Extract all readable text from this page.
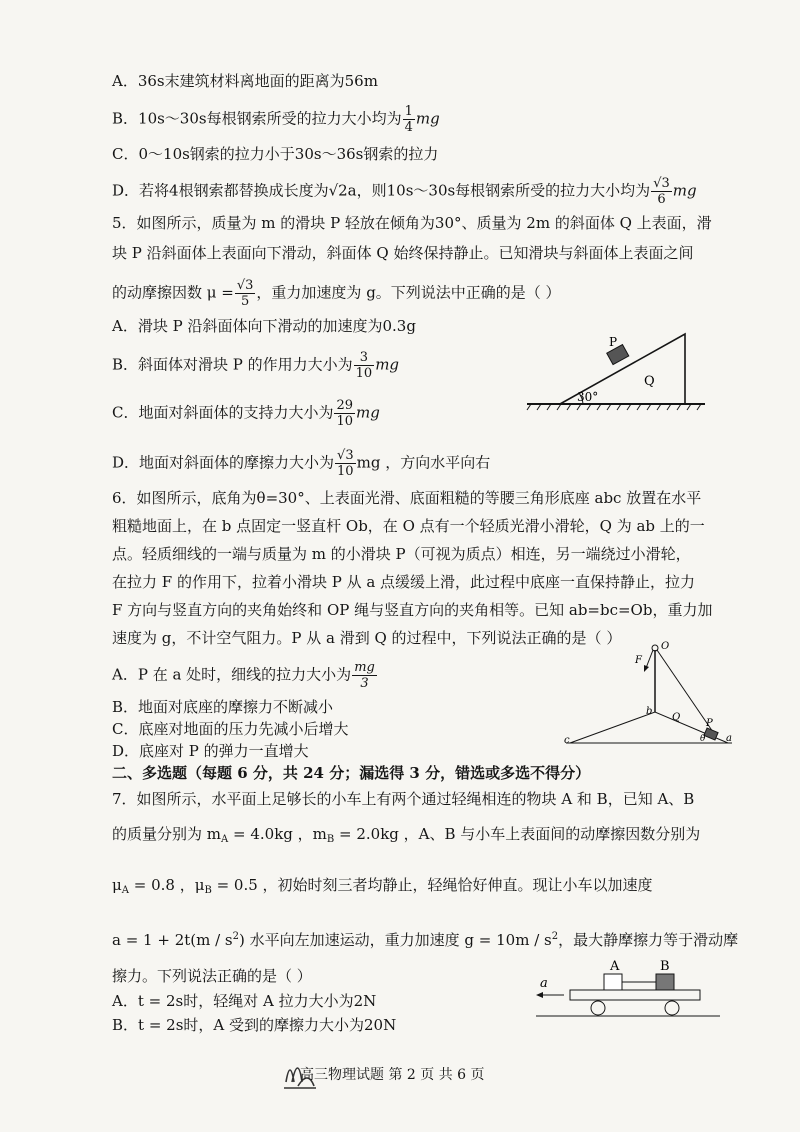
A．36s末建筑材料离地面的距离为56m
B．10s～30s每根钢索所受的拉力大小均为 $\frac{1}{4}$ mg
C．0～10s钢索的拉力小于30s～36s钢索的拉力
D．若将4根钢索都替换成长度为√2a，则10s～30s每根钢索所受的拉力大小均为 $\frac{√3}{6}$ mg
5．如图所示，质量为 m 的滑块 P 轻放在倾角为30°、质量为 2m 的斜面体 Q 上表面，滑
块 P 沿斜面体上表面向下滑动，斜面体 Q 始终保持静止。已知滑块与斜面体上表面之间
的动摩擦因数 $\mu = \frac{√3}{5}$ ，重力加速度为 g。下列说法中正确的是（ ）
A．滑块 P 沿斜面体向下滑动的加速度为0.3g
B．斜面体对滑块 P 的作用力大小为 $\frac{3}{10}$ mg
C．地面对斜面体的支持力大小为 $\frac{29}{10}$ mg
D．地面对斜面体的摩擦力大小为 $\frac{√3}{10}$ mg ，方向水平向右
P
Q
30°
6．如图所示，底角为θ=30°、上表面光滑、底面粗糙的等腰三角形底座 abc 放置在水平
粗糙地面上，在 b 点固定一竖直杆 Ob，在 O 点有一个轻质光滑小滑轮，Q 为 ab 上的一
点。轻质细线的一端与质量为 m 的小滑块 P（可视为质点）相连，另一端绕过小滑轮，
在拉力 F 的作用下，拉着小滑块 P 从 a 点缓缓上滑，此过程中底座一直保持静止，拉力
F 方向与竖直方向的夹角始终和 OP 绳与竖直方向的夹角相等。已知 ab=bc=Ob，重力加
速度为 g，不计空气阻力。P 从 a 滑到 Q 的过程中，下列说法正确的是（ ）
A．P 在 a 处时，细线的拉力大小为 $\frac{mg}{3}$
B．地面对底座的摩擦力不断减小
C．底座对地面的压力先减小后增大
D．底座对 P 的弹力一直增大
O
F
b
Q
P
c	a
θ
二、多选题（每题 6 分，共 24 分；漏选得 3 分，错选或多选不得分）
7．如图所示，水平面上足够长的小车上有两个通过轻绳相连的物块 A 和 B，已知 A、B
的质量分别为 $m_A = 4.0kg$ ，$m_B = 2.0kg$ ，A、B 与小车上表面间的动摩擦因数分别为
$\mu_A = 0.8$ ，$\mu_B = 0.5$ ，初始时刻三者均静止，轻绳恰好伸直。现让小车以加速度
$a = 1 + 2t(m / s^2)$ 水平向左加速运动，重力加速度 $g = 10m / s^2$，最大静摩擦力等于滑动摩
擦力。下列说法正确的是（ ）
A．t = 2s时，轻绳对 A 拉力大小为2N
B．t = 2s时，A 受到的摩擦力大小为20N
A	B
a
高三物理试题 第 2 页 共 6 页
